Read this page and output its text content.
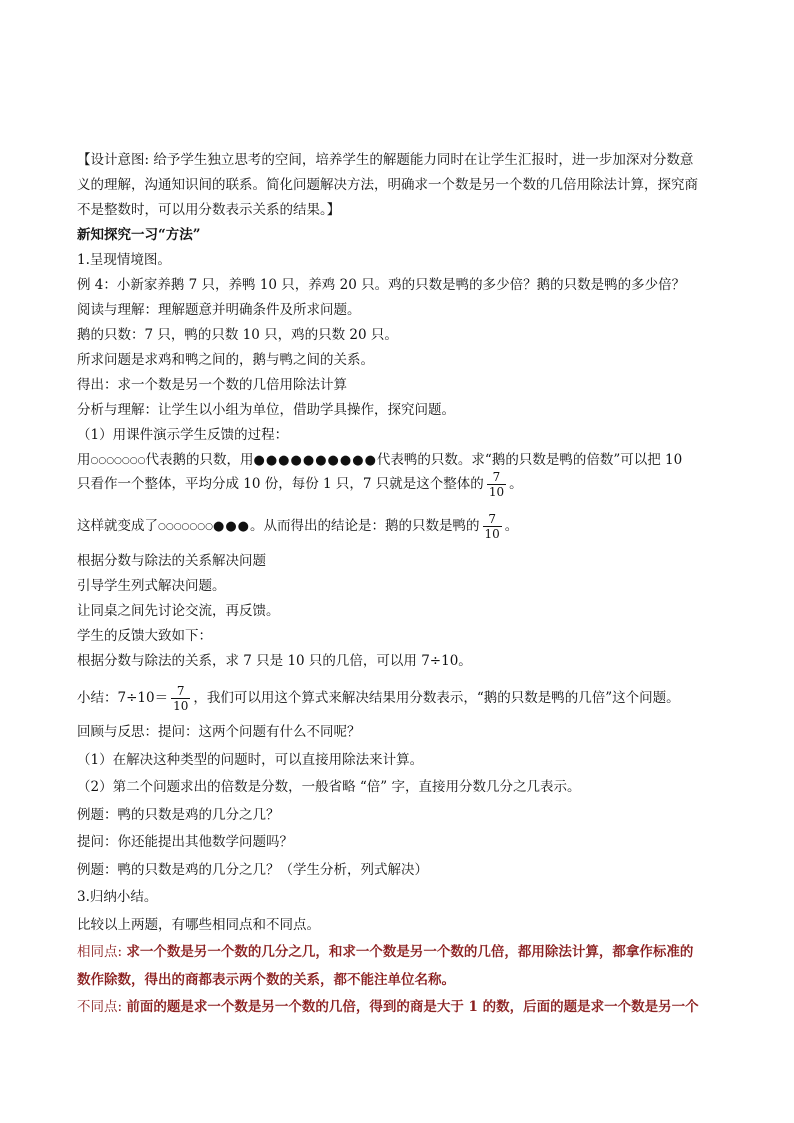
【设计意图: 给予学生独立思考的空间，培养学生的解题能力同时在让学生汇报时，进一步加深对分数意
义的理解，沟通知识间的联系。简化问题解决方法，明确求一个数是另一个数的几倍用除法计算，探究商
不是整数时，可以用分数表示关系的结果。】
新知探究一习“方法”
1.呈现情境图。
例 4：小新家养鹅 7 只，养鸭 10 只，养鸡 20 只。鸡的只数是鸭的多少倍？鹅的只数是鸭的多少倍？
阅读与理解：理解题意并明确条件及所求问题。
鹅的只数：7 只，鸭的只数 10 只，鸡的只数 20 只。
所求问题是求鸡和鸭之间的，鹅与鸭之间的关系。
得出：求一个数是另一个数的几倍用除法计算
分析与理解：让学生以小组为单位，借助学具操作，探究问题。
（1）用课件演示学生反馈的过程：
用○○○○○○○代表鹅的只数，用●●●●●●●●●●代表鸭的只数。求“鹅的只数是鸭的倍数”可以把 10
只看作一个整体，平均分成 10 份，每份 1 只，7 只就是这个整体的 $\frac{7}{10}$ 。
这样就变成了○○○○○○○●●●。从而得出的结论是：鹅的只数是鸭的 $\frac{7}{10}$ 。
根据分数与除法的关系解决问题
引导学生列式解决问题。
让同桌之间先讨论交流，再反馈。
学生的反馈大致如下：
根据分数与除法的关系，求 7 只是 10 只的几倍，可以用 7÷10。
小结：$7\div 10= \frac{7}{10}$ ，我们可以用这个算式来解决结果用分数表示，“鹅的只数是鸭的几倍”这个问题。
回顾与反思：提问：这两个问题有什么不同呢？
（1）在解决这种类型的问题时，可以直接用除法来计算。
（2）第二个问题求出的倍数是分数，一般省略 “倍” 字，直接用分数几分之几表示。
例题：鸭的只数是鸡的几分之几？
提问：你还能提出其他数学问题吗？
例题：鸭的只数是鸡的几分之几？（学生分析，列式解决）
3.归纳小结。
比较以上两题，有哪些相同点和不同点。
相同点: 求一个数是另一个数的几分之几，和求一个数是另一个数的几倍，都用除法计算，都拿作标准的
数作除数，得出的商都表示两个数的关系，都不能注单位名称。
不同点: 前面的题是求一个数是另一个数的几倍，得到的商是大于 1 的数，后面的题是求一个数是另一个
